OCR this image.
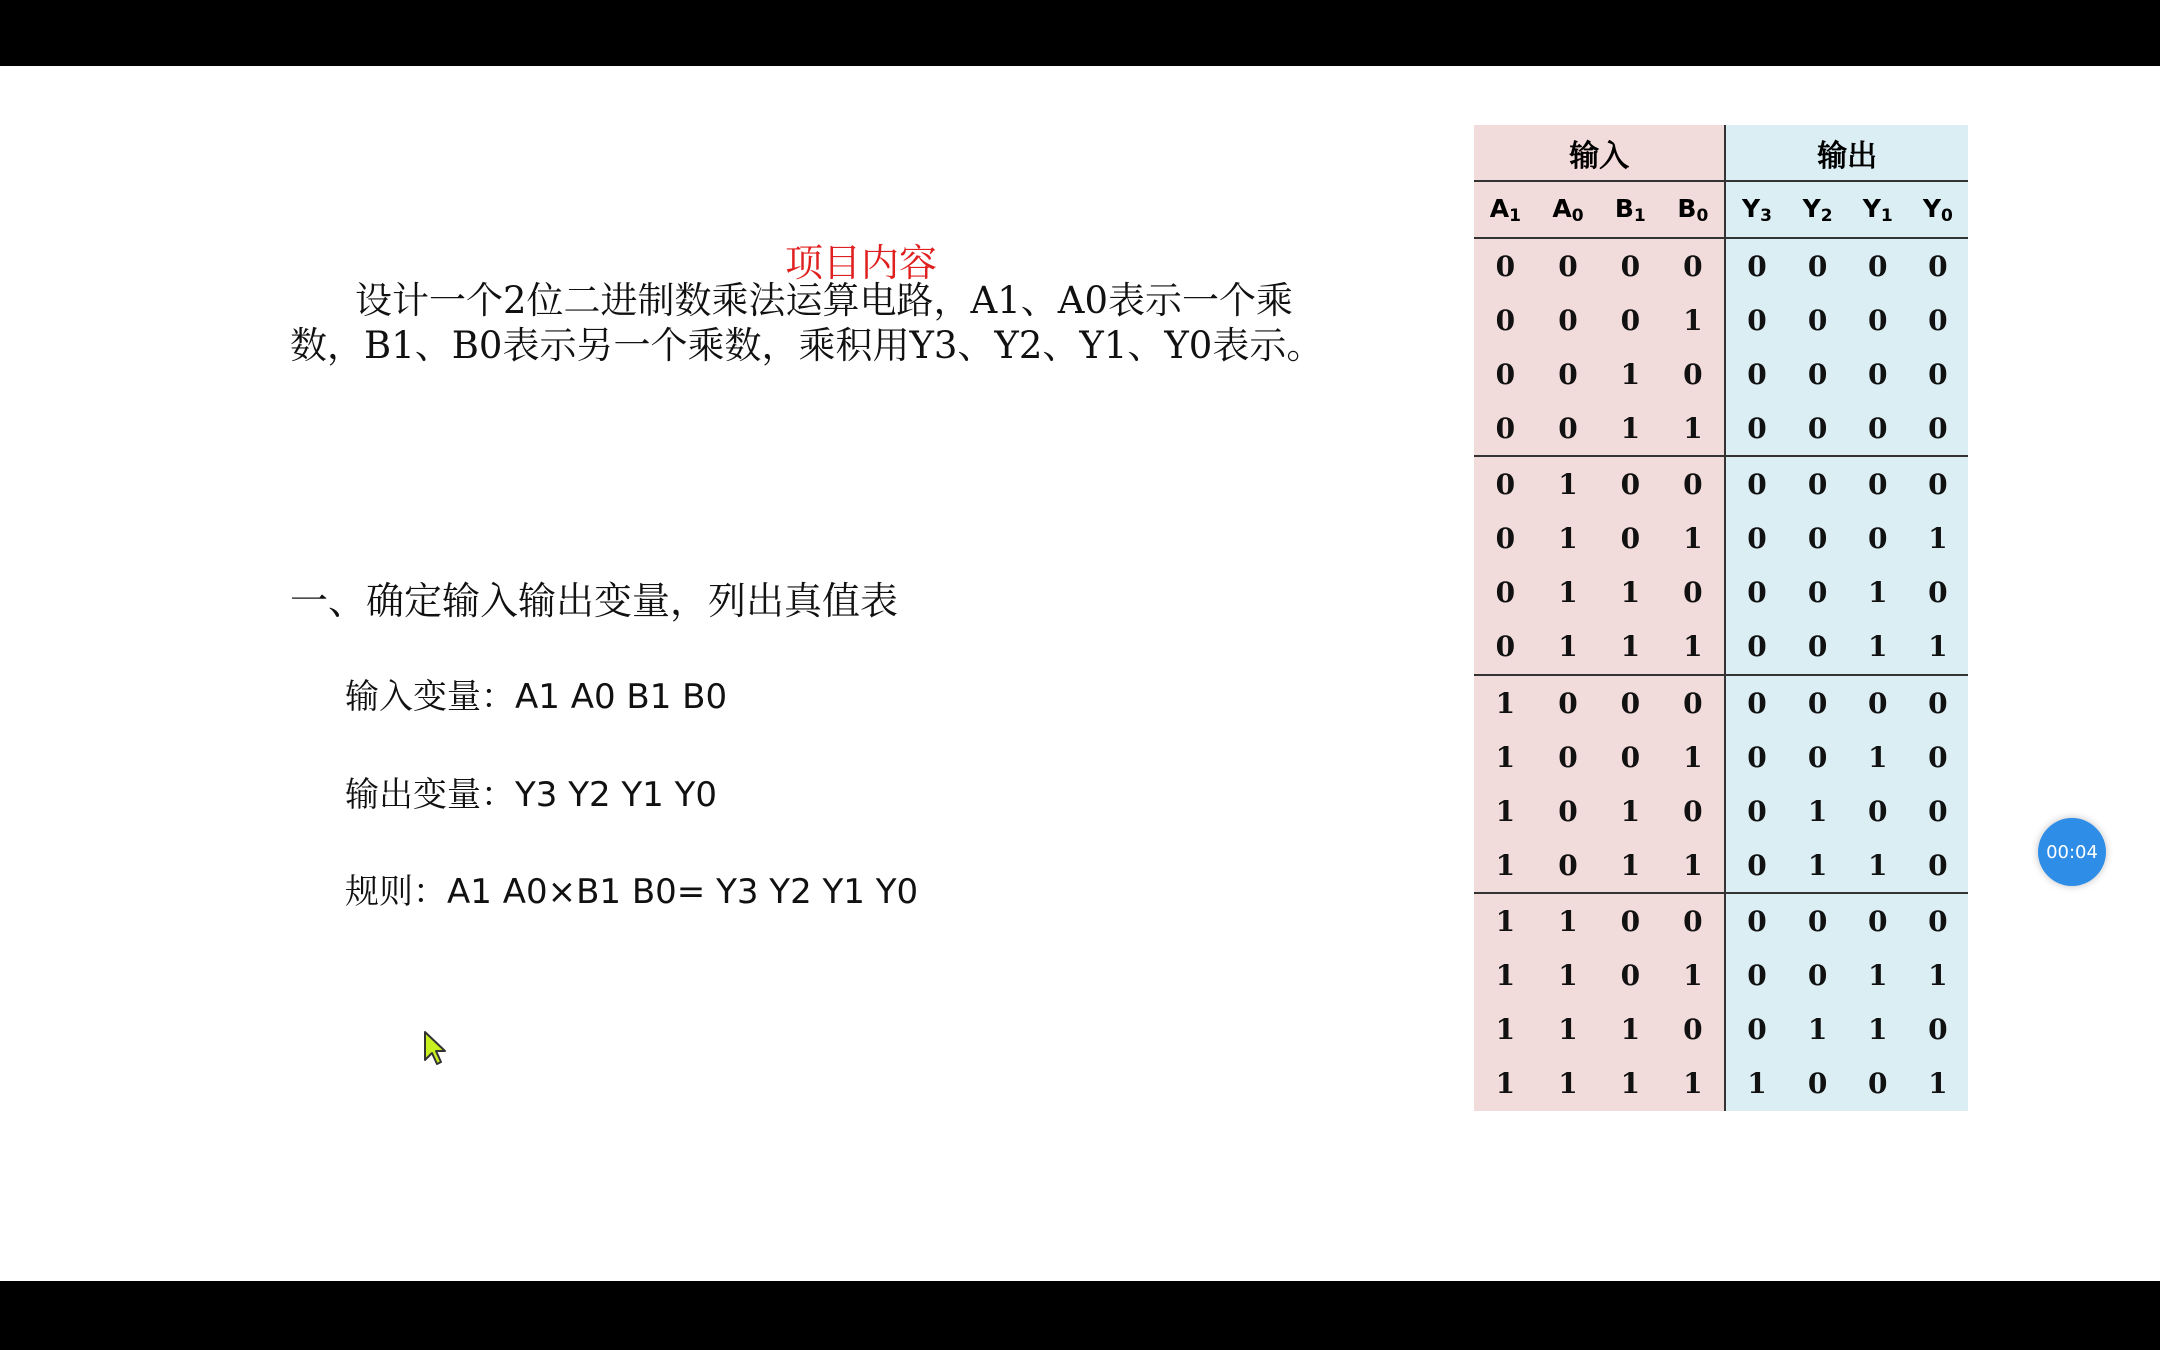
项目内容
设计一个2位二进制数乘法运算电路，A1、A0表示一个乘
数，B1、B0表示另一个乘数，乘积用Y3、Y2、Y1、Y0表示。
一、确定输入输出变量，列出真值表
输入变量：A1 A0 B1 B0
输出变量：Y3 Y2 Y1 Y0
规则：A1 A0×B1 B0= Y3 Y2 Y1 Y0
输入				输出			
$A_1$	$A_0$	$B_1$	$B_0$	$Y_3$	$Y_2$	$Y_1$	$Y_0$
0	0	0	0	0	0	0	0
0	0	0	1	0	0	0	0
0	0	1	0	0	0	0	0
0	0	1	1	0	0	0	0
0	1	0	0	0	0	0	0
0	1	0	1	0	0	0	1
0	1	1	0	0	0	1	0
0	1	1	1	0	0	1	1
1	0	0	0	0	0	0	0
1	0	0	1	0	0	1	0
1	0	1	0	0	1	0	0
1	0	1	1	0	1	1	0
1	1	0	0	0	0	0	0
1	1	0	1	0	0	1	1
1	1	1	0	0	1	1	0
1	1	1	1	1	0	0	1
00:04
